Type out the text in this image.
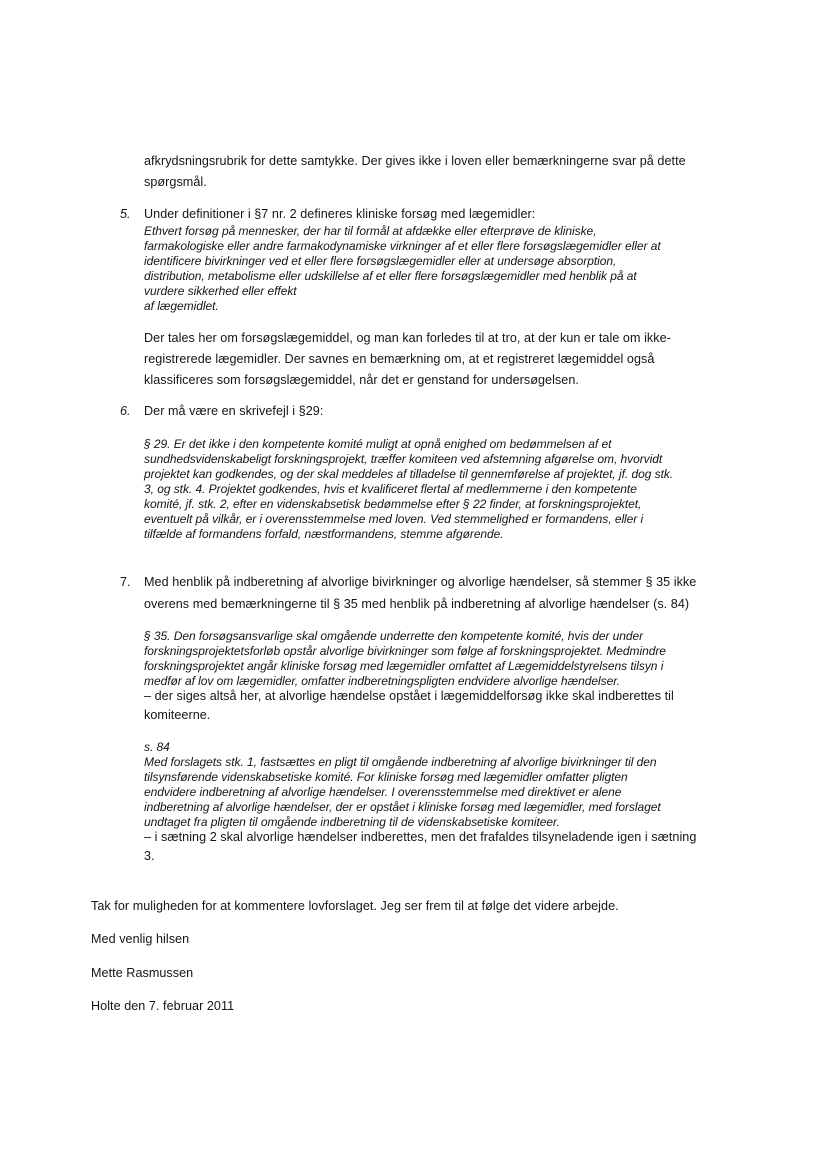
afkrydsningsrubrik for dette samtykke. Der gives ikke i loven eller bemærkningerne svar på dette
spørgsmål.
5. Under definitioner i §7 nr. 2 defineres kliniske forsøg med lægemidler:
Ethvert forsøg på mennesker, der har til formål at afdække eller efterprøve de kliniske,
farmakologiske eller andre farmakodynamiske virkninger af et eller flere forsøgslægemidler eller at
identificere bivirkninger ved et eller flere forsøgslægemidler eller at undersøge absorption,
distribution, metabolisme eller udskillelse af et eller flere forsøgslægemidler med henblik på at
vurdere sikkerhed eller effekt
af lægemidlet.
Der tales her om forsøgslægemiddel, og man kan forledes til at tro, at der kun er tale om ikke-
registrerede lægemidler. Der savnes en bemærkning om, at et registreret lægemiddel også
klassificeres som forsøgslægemiddel, når det er genstand for undersøgelsen.
6. Der må være en skrivefejl i §29:
§ 29. Er det ikke i den kompetente komité muligt at opnå enighed om bedømmelsen af et
sundhedsvidenskabeligt forskningsprojekt, træffer komiteen ved afstemning afgørelse om, hvorvidt
projektet kan godkendes, og der skal meddeles af tilladelse til gennemførelse af projektet, jf. dog stk.
3, og stk. 4. Projektet godkendes, hvis et kvalificeret flertal af medlemmerne i den kompetente
komité, jf. stk. 2, efter en videnskabsetisk bedømmelse efter § 22 finder, at forskningsprojektet,
eventuelt på vilkår, er i overensstemmelse med loven. Ved stemmelighed er formandens, eller i
tilfælde af formandens forfald, næstformandens, stemme afgørende.
7. Med henblik på indberetning af alvorlige bivirkninger og alvorlige hændelser, så stemmer § 35 ikke
overens med bemærkningerne til § 35 med henblik på indberetning af alvorlige hændelser (s. 84)
§ 35. Den forsøgsansvarlige skal omgående underrette den kompetente komité, hvis der under
forskningsprojektetsforløb opstår alvorlige bivirkninger som følge af forskningsprojektet. Medmindre
forskningsprojektet angår kliniske forsøg med lægemidler omfattet af Lægemiddelstyrelsens tilsyn i
medfør af lov om lægemidler, omfatter indberetningspligten endvidere alvorlige hændelser.
– der siges altså her, at alvorlige hændelse opstået i lægemiddelforsøg ikke skal indberettes til
komiteerne.
s. 84
Med forslagets stk. 1, fastsættes en pligt til omgående indberetning af alvorlige bivirkninger til den
tilsynsførende videnskabsetiske komité. For kliniske forsøg med lægemidler omfatter pligten
endvidere indberetning af alvorlige hændelser. I overensstemmelse med direktivet er alene
indberetning af alvorlige hændelser, der er opstået i kliniske forsøg med lægemidler, med forslaget
undtaget fra pligten til omgående indberetning til de videnskabsetiske komiteer.
– i sætning 2 skal alvorlige hændelser indberettes, men det frafaldes tilsyneladende igen i sætning
3.
Tak for muligheden for at kommentere lovforslaget. Jeg ser frem til at følge det videre arbejde.
Med venlig hilsen
Mette Rasmussen
Holte den 7. februar 2011
